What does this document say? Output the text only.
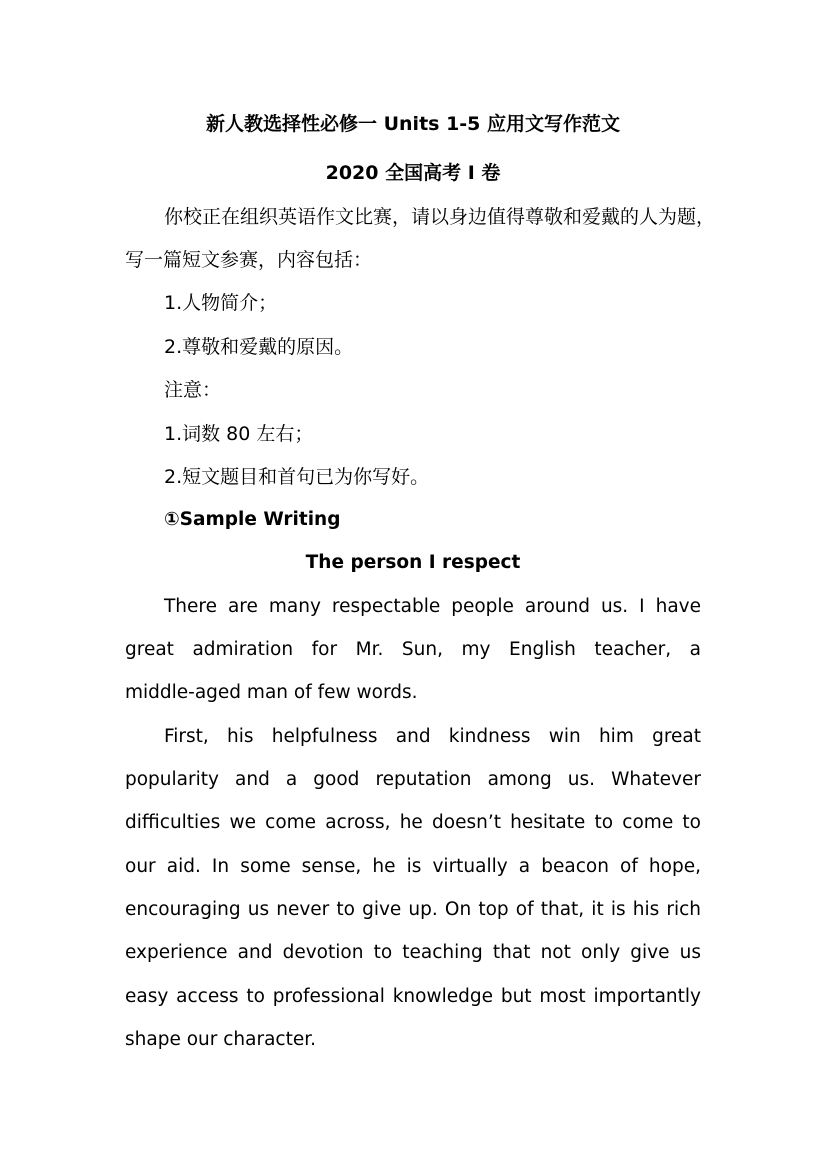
新人教选择性必修一 Units 1-5 应用文写作范文
2020 全国高考 I 卷
你校正在组织英语作文比赛，请以身边值得尊敬和爱戴的人为题，
写一篇短文参赛，内容包括：
1.人物简介；
2.尊敬和爱戴的原因。
注意：
1.词数 80 左右；
2.短文题目和首句已为你写好。
①Sample Writing
The person I respect
There are many respectable people around us. I have
great admiration for Mr. Sun, my English teacher, a
middle-aged man of few words.
First, his helpfulness and kindness win him great
popularity and a good reputation among us. Whatever
difficulties we come across, he doesn’t hesitate to come to
our aid. In some sense, he is virtually a beacon of hope,
encouraging us never to give up. On top of that, it is his rich
experience and devotion to teaching that not only give us
easy access to professional knowledge but most importantly
shape our character.
